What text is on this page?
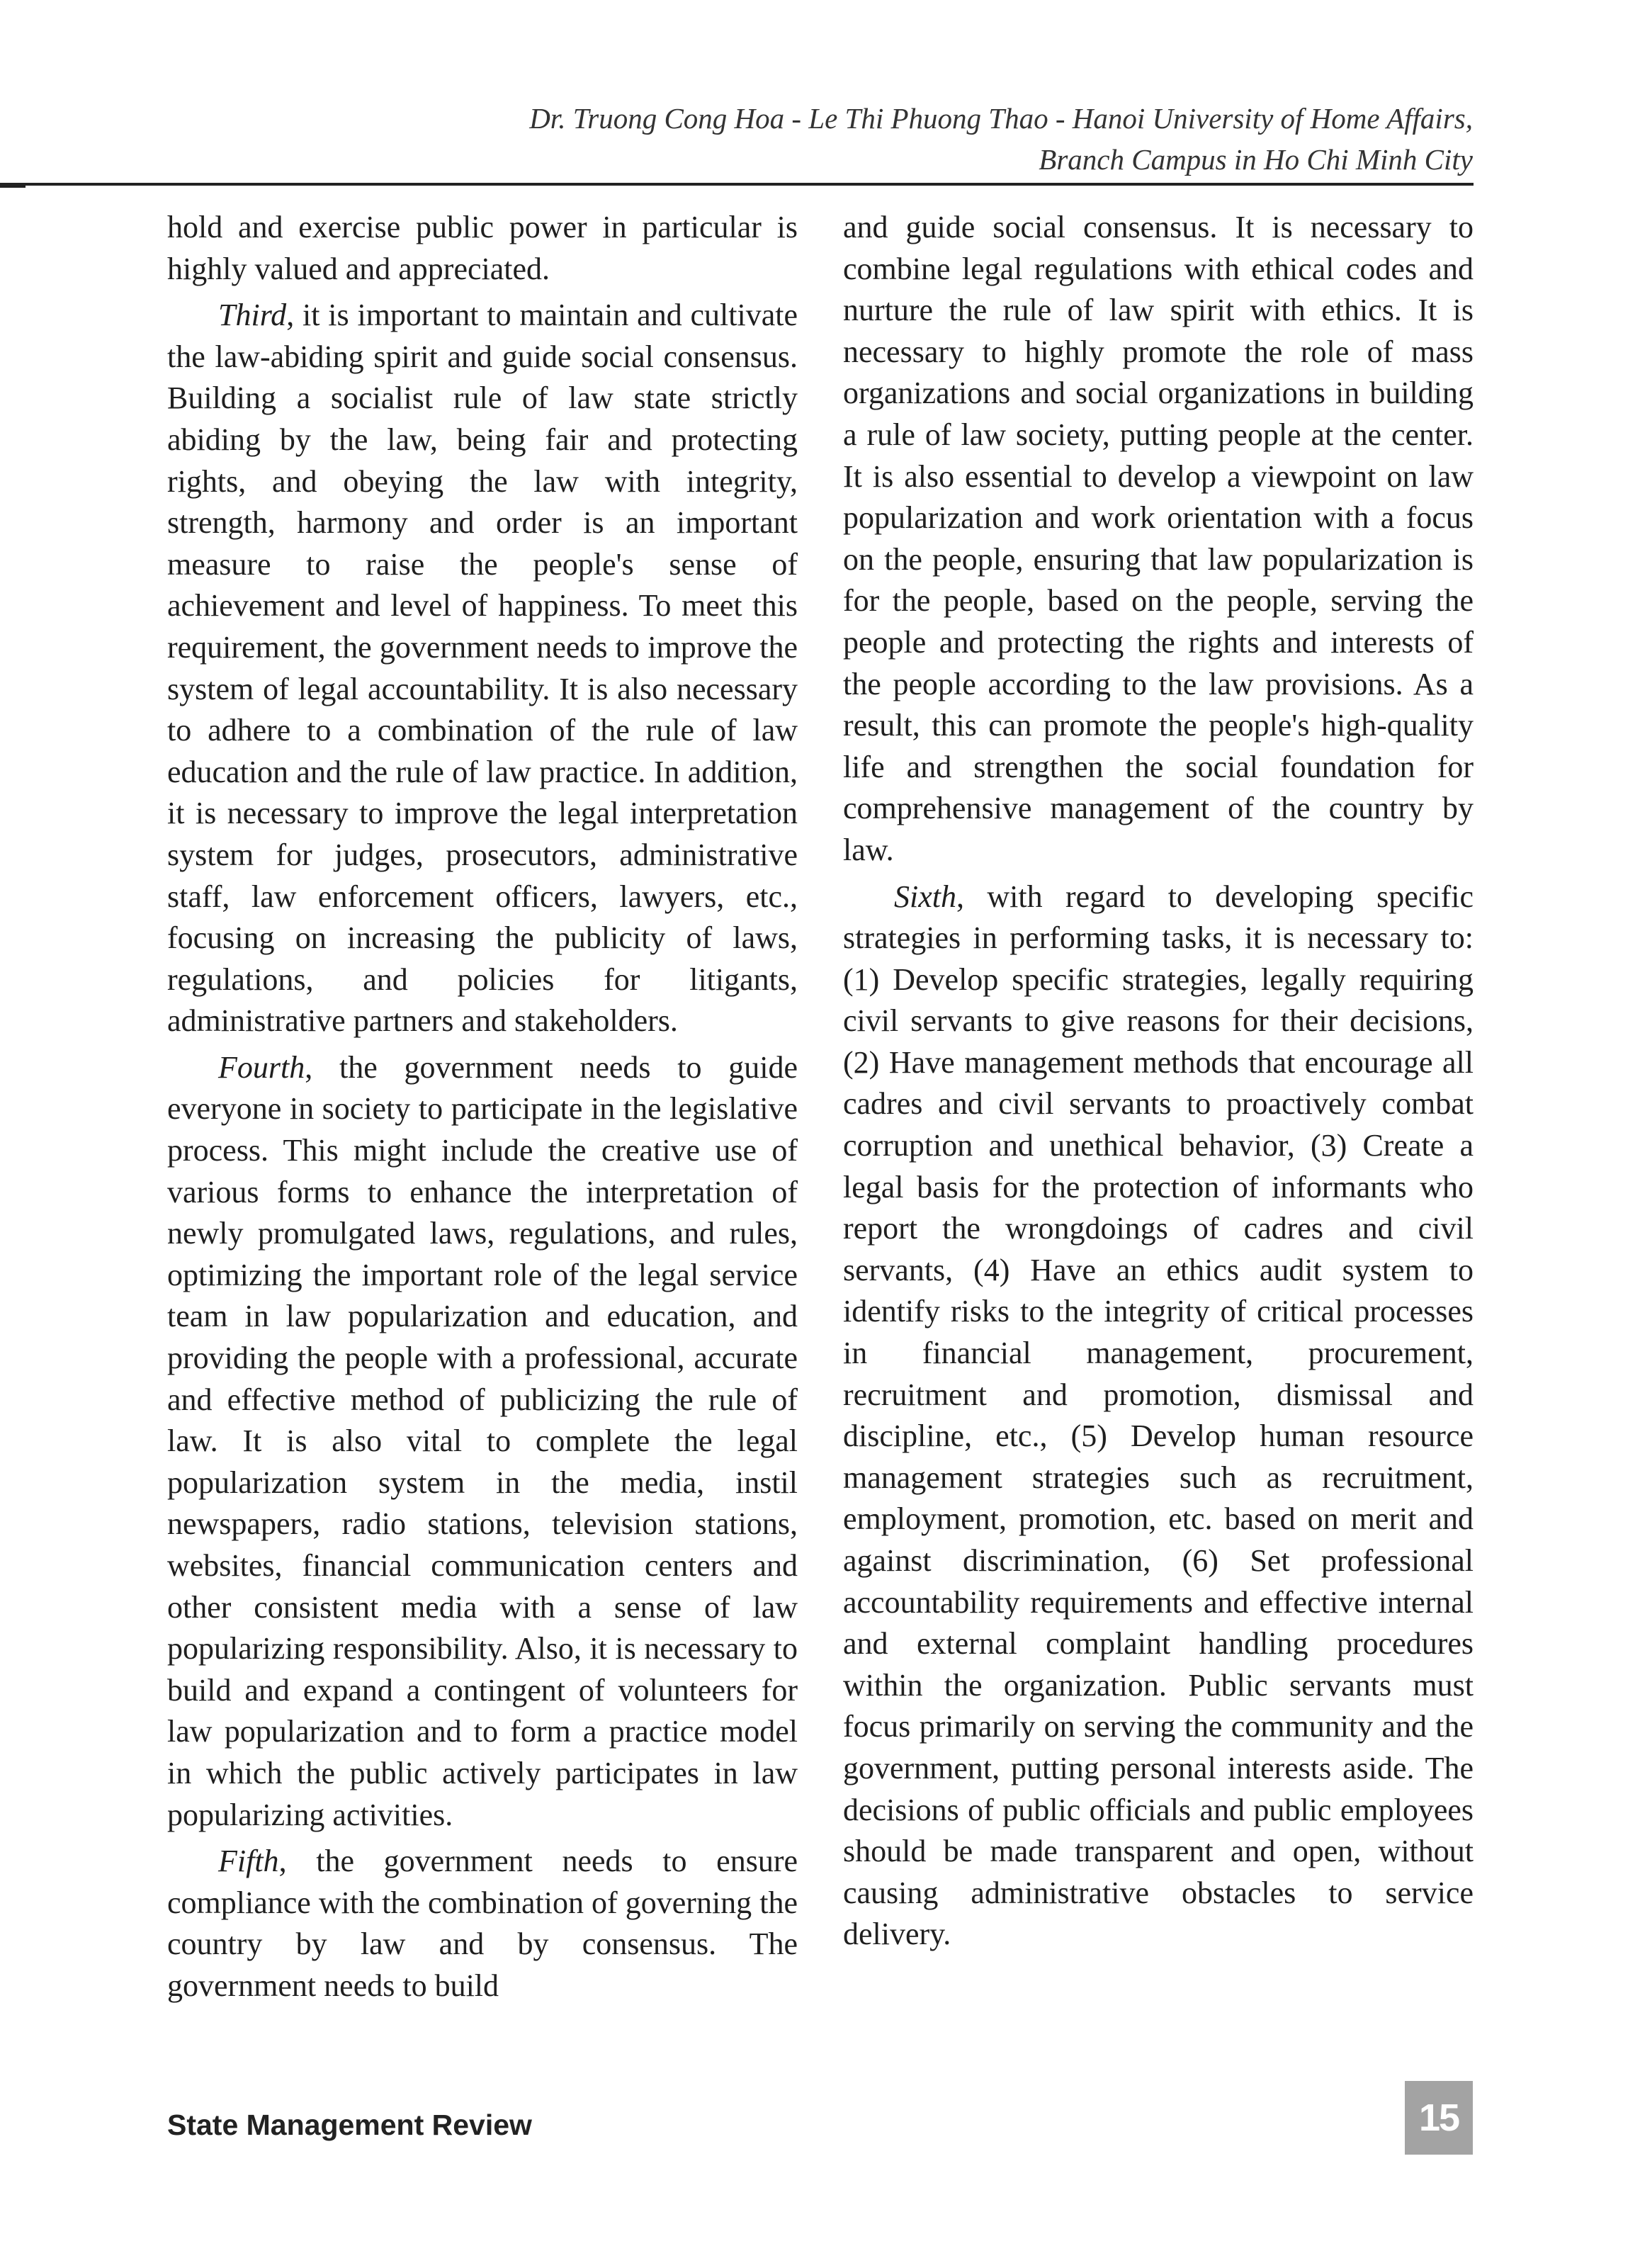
Dr. Truong Cong Hoa - Le Thi Phuong Thao - Hanoi University of Home Affairs,
Branch Campus in Ho Chi Minh City

hold and exercise public power in particular is highly valued and appreciated.

Third, it is important to maintain and cultivate the law-abiding spirit and guide social consensus. Building a socialist rule of law state strictly abiding by the law, being fair and protecting rights, and obeying the law with integrity, strength, harmony and order is an important measure to raise the people's sense of achievement and level of happiness. To meet this requirement, the government needs to improve the system of legal accountability. It is also necessary to adhere to a combination of the rule of law education and the rule of law practice. In addition, it is necessary to improve the legal interpretation system for judges, prosecutors, administrative staff, law enforcement officers, lawyers, etc., focusing on increasing the publicity of laws, regulations, and policies for litigants, administrative partners and stakeholders.

Fourth, the government needs to guide everyone in society to participate in the legislative process. This might include the creative use of various forms to enhance the interpretation of newly promulgated laws, regulations, and rules, optimizing the important role of the legal service team in law popularization and education, and providing the people with a professional, accurate and effective method of publicizing the rule of law. It is also vital to complete the legal popularization system in the media, instil newspapers, radio stations, television stations, websites, financial communication centers and other consistent media with a sense of law popularizing responsibility. Also, it is necessary to build and expand a contingent of volunteers for law popularization and to form a practice model in which the public actively participates in law popularizing activities.

Fifth, the government needs to ensure compliance with the combination of governing the country by law and by consensus. The government needs to build

and guide social consensus. It is necessary to combine legal regulations with ethical codes and nurture the rule of law spirit with ethics. It is necessary to highly promote the role of mass organizations and social organizations in building a rule of law society, putting people at the center. It is also essential to develop a viewpoint on law popularization and work orientation with a focus on the people, ensuring that law popularization is for the people, based on the people, serving the people and protecting the rights and interests of the people according to the law provisions. As a result, this can promote the people's high-quality life and strengthen the social foundation for comprehensive management of the country by law.

Sixth, with regard to developing specific strategies in performing tasks, it is necessary to: (1) Develop specific strategies, legally requiring civil servants to give reasons for their decisions, (2) Have management methods that encourage all cadres and civil servants to proactively combat corruption and unethical behavior, (3) Create a legal basis for the protection of informants who report the wrongdoings of cadres and civil servants, (4) Have an ethics audit system to identify risks to the integrity of critical processes in financial management, procurement, recruitment and promotion, dismissal and discipline, etc., (5) Develop human resource management strategies such as recruitment, employment, promotion, etc. based on merit and against discrimination, (6) Set professional accountability requirements and effective internal and external complaint handling procedures within the organization. Public servants must focus primarily on serving the community and the government, putting personal interests aside. The decisions of public officials and public employees should be made transparent and open, without causing administrative obstacles to service delivery.

State Management Review	15
